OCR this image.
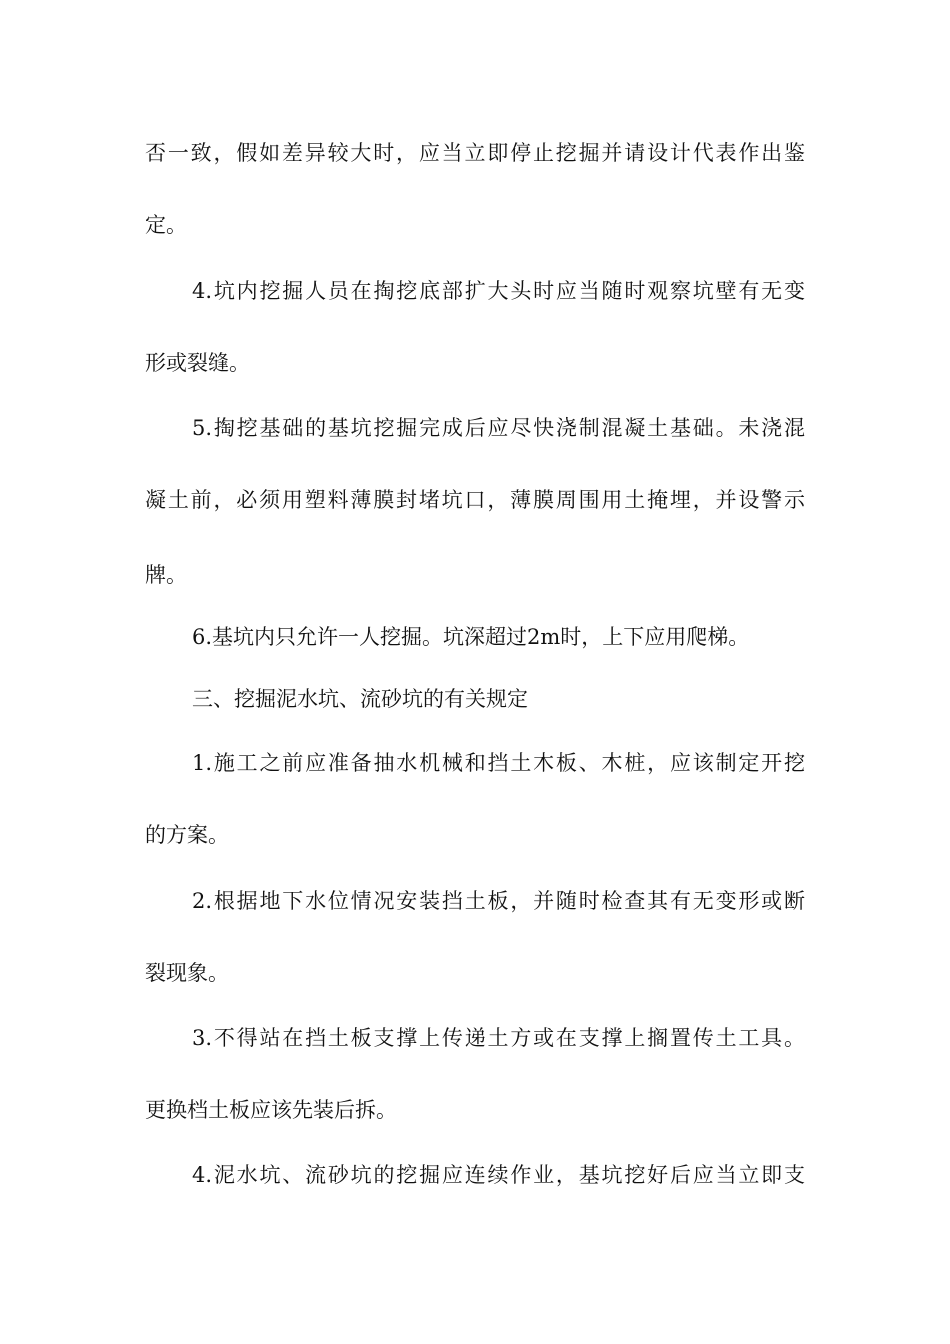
否一致，假如差异较大时，应当立即停止挖掘并请设计代表作出鉴
定。
4.坑内挖掘人员在掏挖底部扩大头时应当随时观察坑壁有无变
形或裂缝。
5.掏挖基础的基坑挖掘完成后应尽快浇制混凝土基础。未浇混
凝土前，必须用塑料薄膜封堵坑口，薄膜周围用土掩埋，并设警示
牌。
6.基坑内只允许一人挖掘。坑深超过2m时，上下应用爬梯。
三、挖掘泥水坑、流砂坑的有关规定
1.施工之前应准备抽水机械和挡土木板、木桩，应该制定开挖
的方案。
2.根据地下水位情况安装挡土板，并随时检查其有无变形或断
裂现象。
3.不得站在挡土板支撑上传递土方或在支撑上搁置传土工具。
更换档土板应该先装后拆。
4.泥水坑、流砂坑的挖掘应连续作业，基坑挖好后应当立即支
